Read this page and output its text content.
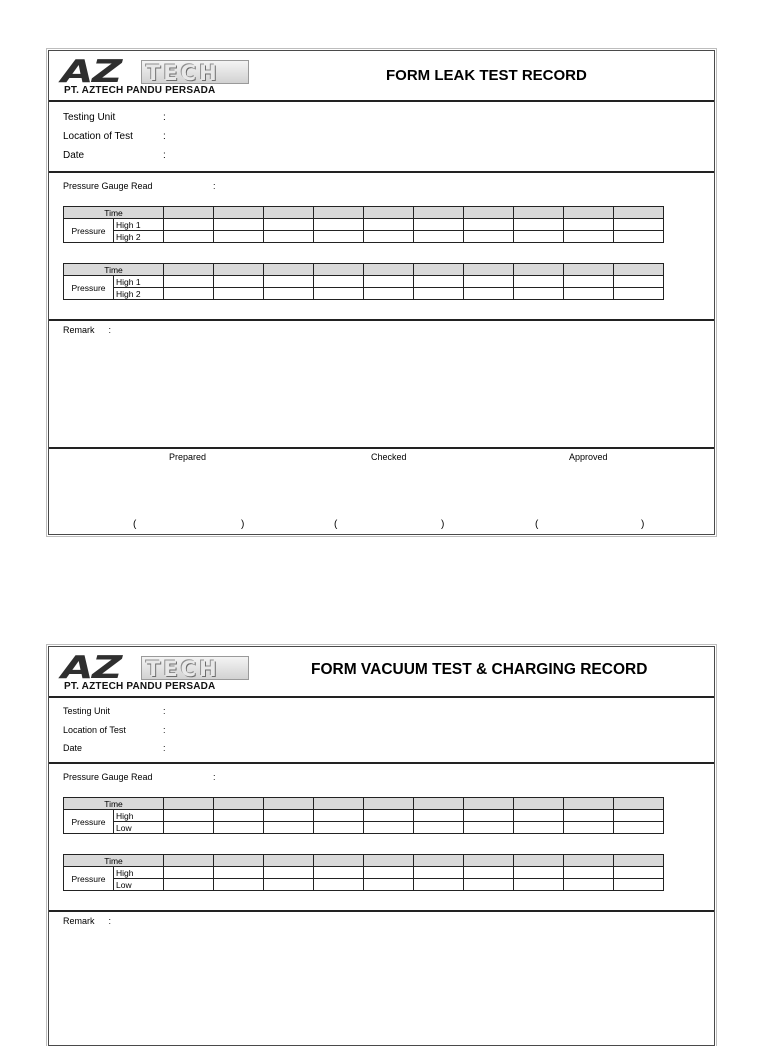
AZ TECH
PT. AZTECH PANDU PERSADA
FORM LEAK TEST RECORD
Testing Unit	:
Location of Test	:
Date	:
Pressure Gauge Read	:
Time											
Pressure	High 1										
	High 2										
Time											
Pressure	High 1										
	High 2										
Remark :
Prepared	Checked	Approved
(	)	(	)	(	)
AZ TECH
PT. AZTECH PANDU PERSADA
FORM VACUUM TEST & CHARGING RECORD
Testing Unit	:
Location of Test	:
Date	:
Pressure Gauge Read	:
Time											
Pressure	High										
	Low										
Time											
Pressure	High										
	Low										
Remark :
